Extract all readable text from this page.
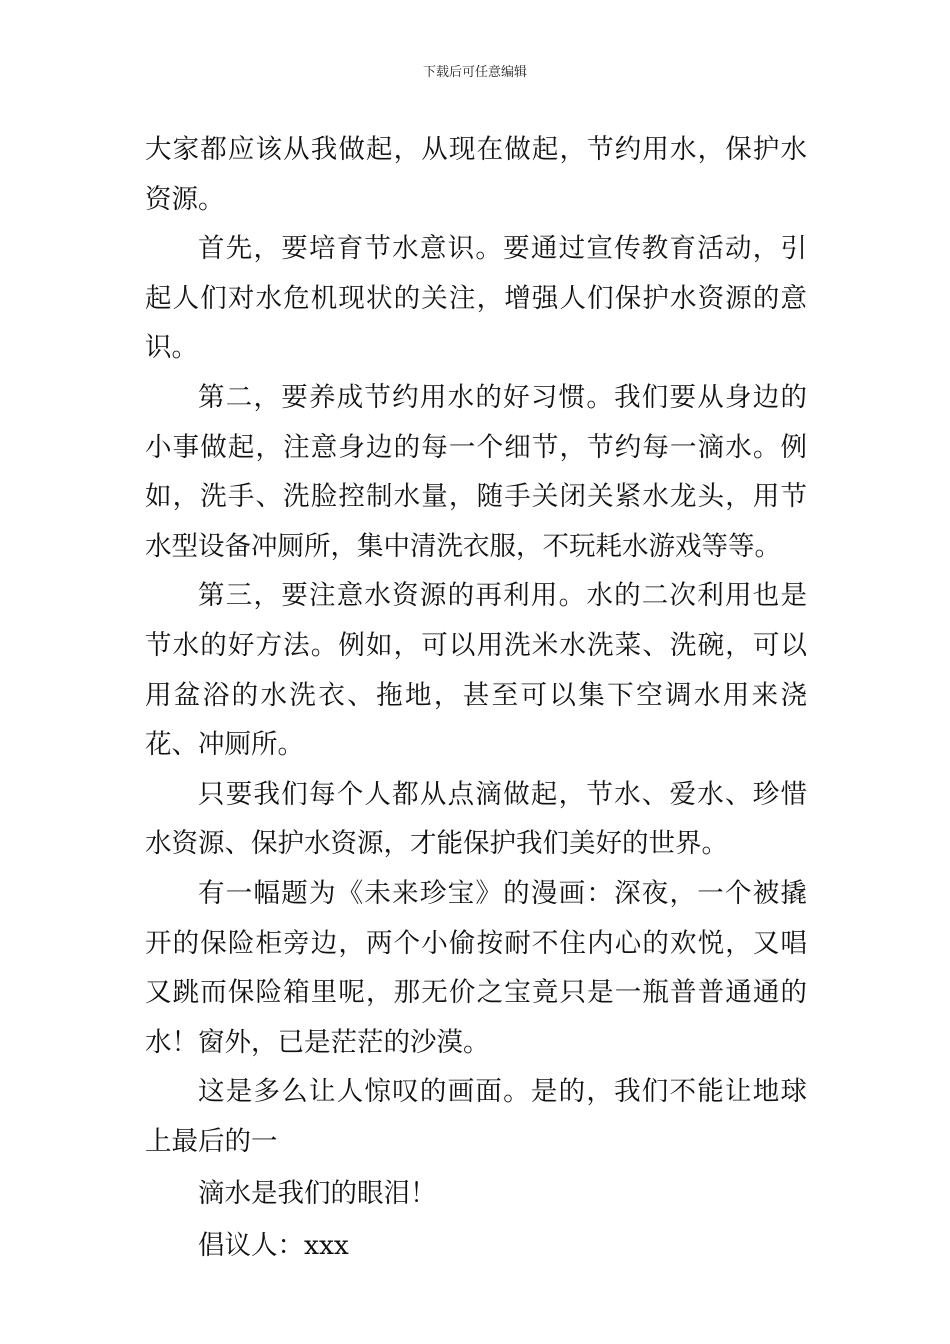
下载后可任意编辑

大家都应该从我做起，从现在做起，节约用水，保护水资源。

首先，要培育节水意识。要通过宣传教育活动，引起人们对水危机现状的关注，增强人们保护水资源的意识。

第二，要养成节约用水的好习惯。我们要从身边的小事做起，注意身边的每一个细节，节约每一滴水。例如，洗手、洗脸控制水量，随手关闭关紧水龙头，用节水型设备冲厕所，集中清洗衣服，不玩耗水游戏等等。

第三，要注意水资源的再利用。水的二次利用也是节水的好方法。例如，可以用洗米水洗菜、洗碗，可以用盆浴的水洗衣、拖地，甚至可以集下空调水用来浇花、冲厕所。

只要我们每个人都从点滴做起，节水、爱水、珍惜水资源、保护水资源，才能保护我们美好的世界。

有一幅题为《未来珍宝》的漫画：深夜，一个被撬开的保险柜旁边，两个小偷按耐不住内心的欢悦，又唱又跳而保险箱里呢，那无价之宝竟只是一瓶普普通通的水！窗外，已是茫茫的沙漠。

这是多么让人惊叹的画面。是的，我们不能让地球上最后的一

滴水是我们的眼泪！

倡议人：xxx
